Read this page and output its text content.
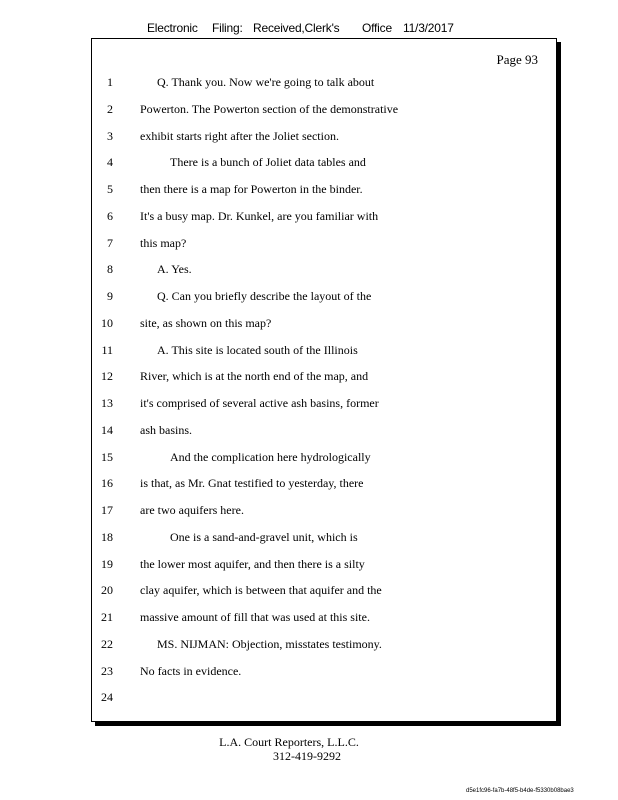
Electronic Filing: Received,Clerk's Office 11/3/2017
Page 93
1	Q. Thank you. Now we're going to talk about
2 Powerton. The Powerton section of the demonstrative
3 exhibit starts right after the Joliet section.
4	There is a bunch of Joliet data tables and
5 then there is a map for Powerton in the binder.
6 It's a busy map. Dr. Kunkel, are you familiar with
7 this map?
8	A. Yes.
9	Q. Can you briefly describe the layout of the
10 site, as shown on this map?
11	A. This site is located south of the Illinois
12 River, which is at the north end of the map, and
13 it's comprised of several active ash basins, former
14 ash basins.
15	And the complication here hydrologically
16 is that, as Mr. Gnat testified to yesterday, there
17 are two aquifers here.
18	One is a sand-and-gravel unit, which is
19 the lower most aquifer, and then there is a silty
20 clay aquifer, which is between that aquifer and the
21 massive amount of fill that was used at this site.
22	MS. NIJMAN: Objection, misstates testimony.
23 No facts in evidence.
24
L.A. Court Reporters, L.L.C.
312-419-9292
d5e1fc96-fa7b-48f5-b4de-f5330b08bae3
